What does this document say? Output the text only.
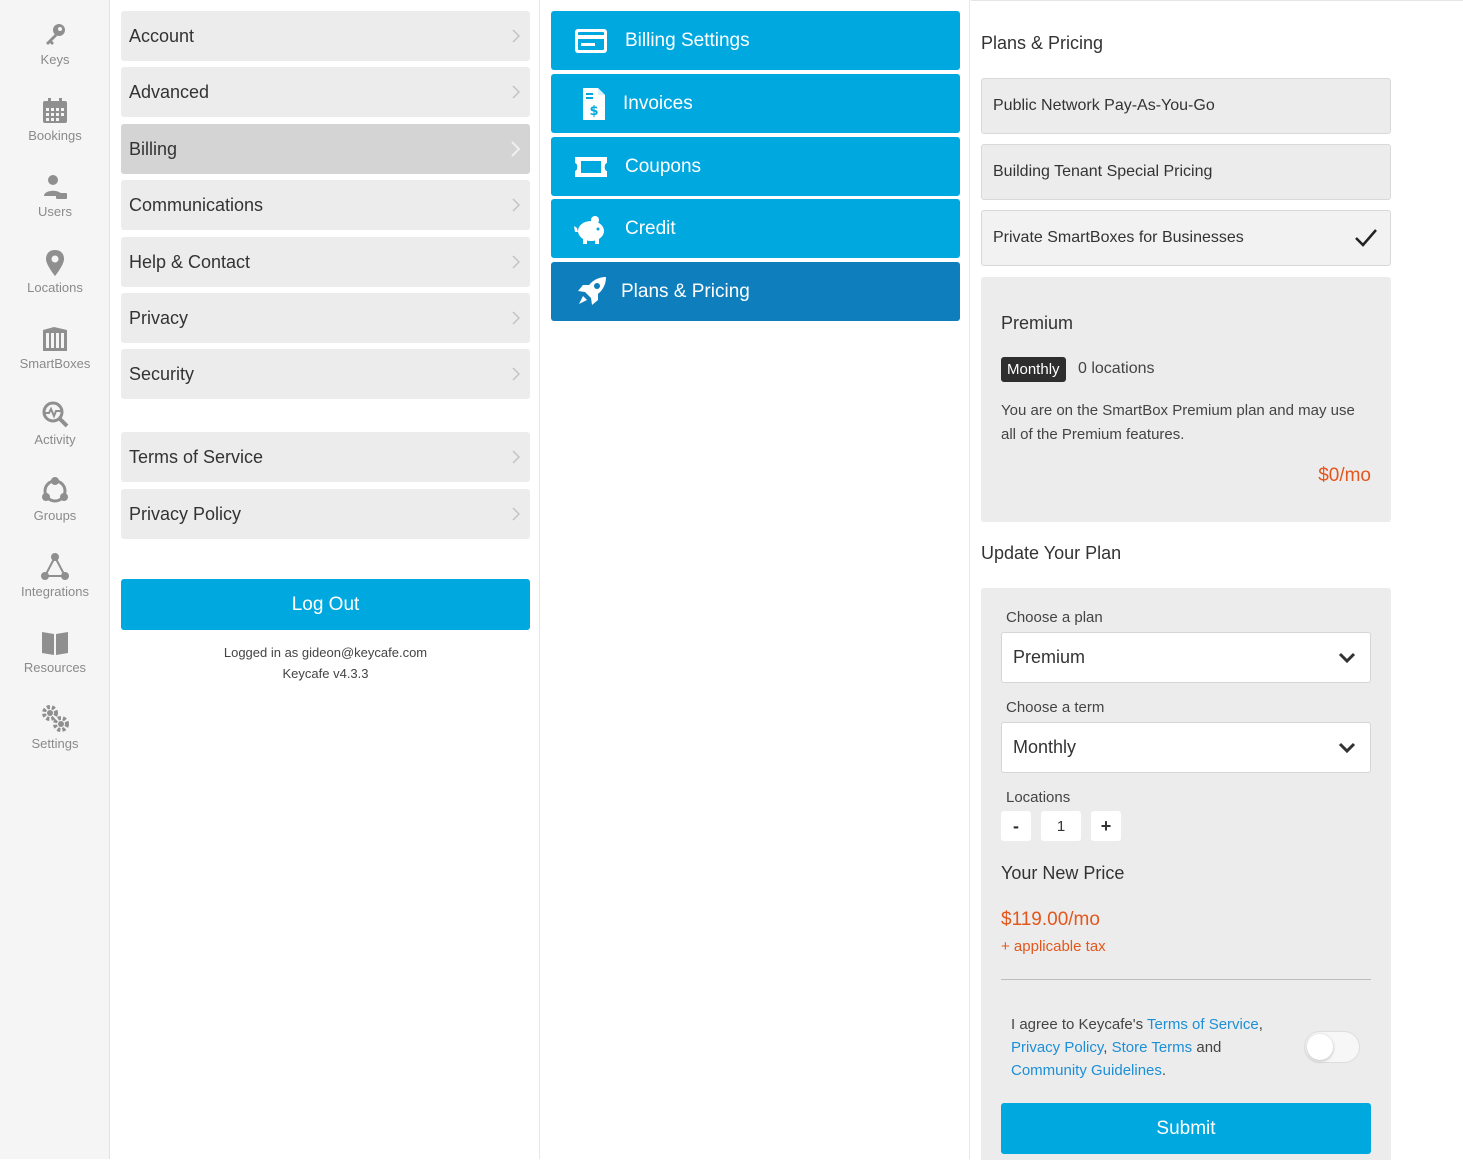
Keys
Bookings
Users
Locations
SmartBoxes
Activity
Groups
Integrations
Resources
Settings
Account
Advanced
Billing
Communications
Help & Contact
Privacy
Security
Terms of Service
Privacy Policy
Log Out
Logged in as gideon@keycafe.com
Keycafe v4.3.3
Billing Settings
$ Invoices
Coupons
Credit
Plans & Pricing
Plans & Pricing
Public Network Pay-As-You-Go
Building Tenant Special Pricing
Private SmartBoxes for Businesses
Premium
Monthly	0 locations
You are on the SmartBox Premium plan and may use all of the Premium features.
$0/mo
Update Your Plan
Choose a plan
Premium
Choose a term
Monthly
Locations
-	1	+
Your New Price
$119.00/mo
+ applicable tax
I agree to Keycafe's Terms of Service, Privacy Policy, Store Terms and Community Guidelines.
Submit
